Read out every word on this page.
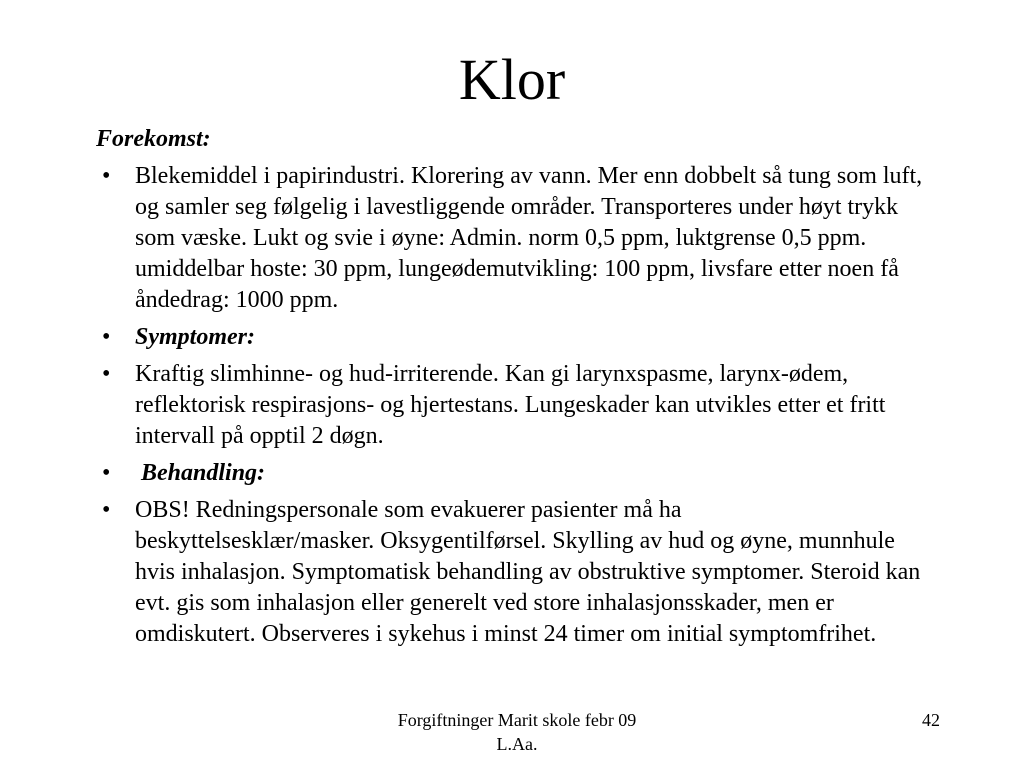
Klor
Forekomst:
• Blekemiddel i papirindustri. Klorering av vann. Mer enn dobbelt så tung som luft, og samler seg følgelig i lavestliggende områder. Transporteres under høyt trykk som væske. Lukt og svie i øyne: Admin. norm 0,5 ppm, luktgrense 0,5 ppm. umiddelbar hoste: 30 ppm, lungeødemutvikling: 100 ppm, livsfare etter noen få åndedrag: 1000 ppm.
• Symptomer:
• Kraftig slimhinne- og hud-irriterende. Kan gi larynxspasme, larynx-ødem, reflektorisk respirasjons- og hjertestans. Lungeskader kan utvikles etter et fritt intervall på opptil 2 døgn.
• Behandling:
• OBS! Redningspersonale som evakuerer pasienter må ha beskyttelsesklær/masker. Oksygentilførsel. Skylling av hud og øyne, munnhule hvis inhalasjon. Symptomatisk behandling av obstruktive symptomer. Steroid kan evt. gis som inhalasjon eller generelt ved store inhalasjonsskader, men er omdiskutert. Observeres i sykehus i minst 24 timer om initial symptomfrihet.
Forgiftninger Marit skole febr 09
L.Aa.
42
